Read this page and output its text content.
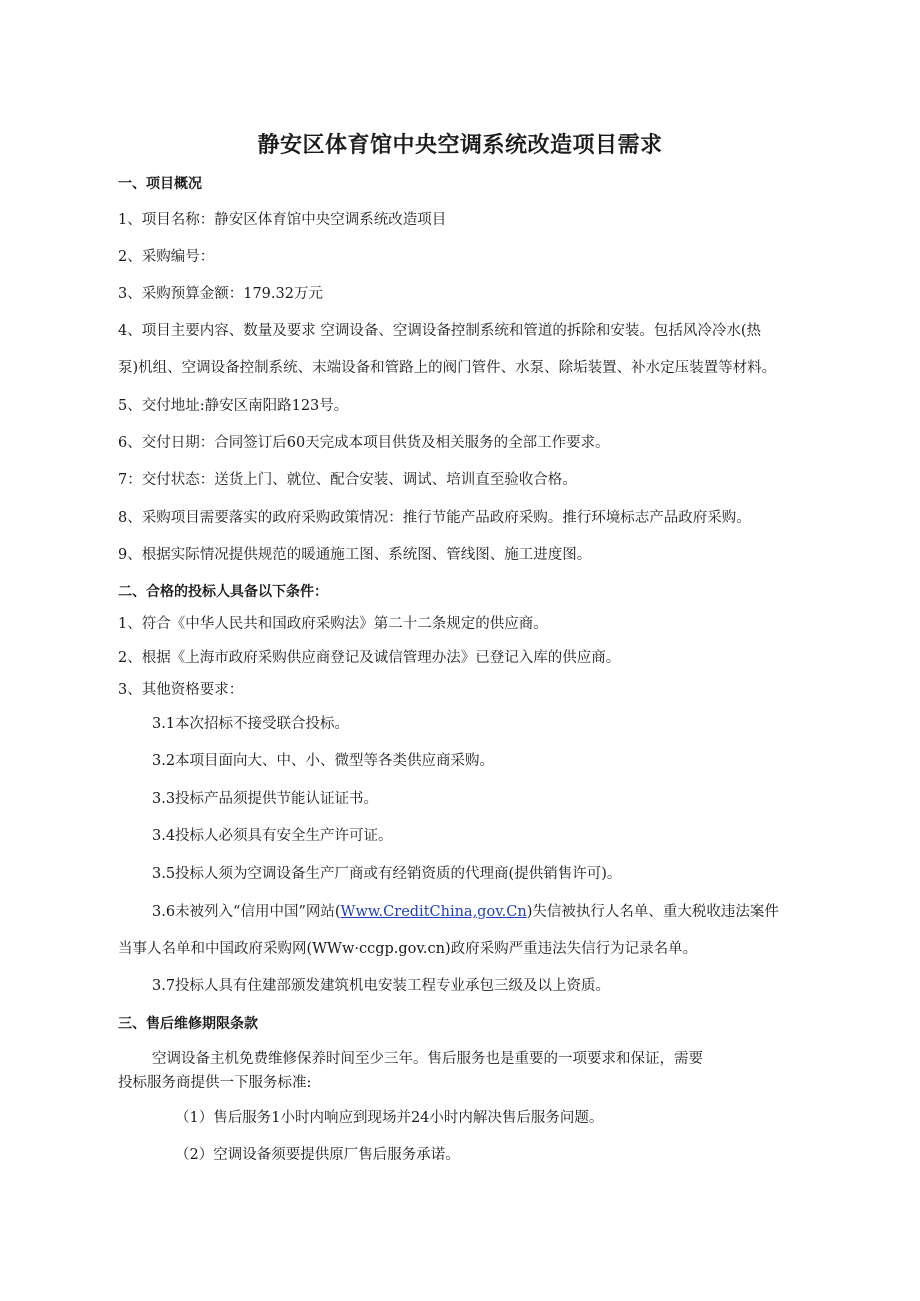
静安区体育馆中央空调系统改造项目需求
一、项目概况
1、项目名称：静安区体育馆中央空调系统改造项目
2、采购编号：
3、采购预算金额：179.32万元
4、项目主要内容、数量及要求 空调设备、空调设备控制系统和管道的拆除和安装。包括风冷冷水(热
泵)机组、空调设备控制系统、末端设备和管路上的阀门管件、水泵、除垢装置、补水定压装置等材料。
5、交付地址:静安区南阳路123号。
6、交付日期：合同签订后60天完成本项目供货及相关服务的全部工作要求。
7：交付状态：送货上门、就位、配合安装、调试、培训直至验收合格。
8、采购项目需要落实的政府采购政策情况：推行节能产品政府采购。推行环境标志产品政府采购。
9、根据实际情况提供规范的暖通施工图、系统图、管线图、施工进度图。
二、合格的投标人具备以下条件：
1、符合《中华人民共和国政府采购法》第二十二条规定的供应商。
2、根据《上海市政府采购供应商登记及诚信管理办法》已登记入库的供应商。
3、其他资格要求：
3.1本次招标不接受联合投标。
3.2本项目面向大、中、小、微型等各类供应商采购。
3.3投标产品须提供节能认证证书。
3.4投标人必须具有安全生产许可证。
3.5投标人须为空调设备生产厂商或有经销资质的代理商(提供销售许可)。
3.6未被列入“信用中国”网站(Www.CreditChina,gov.Cn)失信被执行人名单、重大税收违法案件
当事人名单和中国政府采购网(WWw·ccgp.gov.cn)政府采购严重违法失信行为记录名单。
3.7投标人具有住建部颁发建筑机电安装工程专业承包三级及以上资质。
三、售后维修期限条款
空调设备主机免费维修保养时间至少三年。售后服务也是重要的一项要求和保证，需要
投标服务商提供一下服务标准:
（1）售后服务1小时内响应到现场并24小时内解决售后服务问题。
（2）空调设备须要提供原厂售后服务承诺。
